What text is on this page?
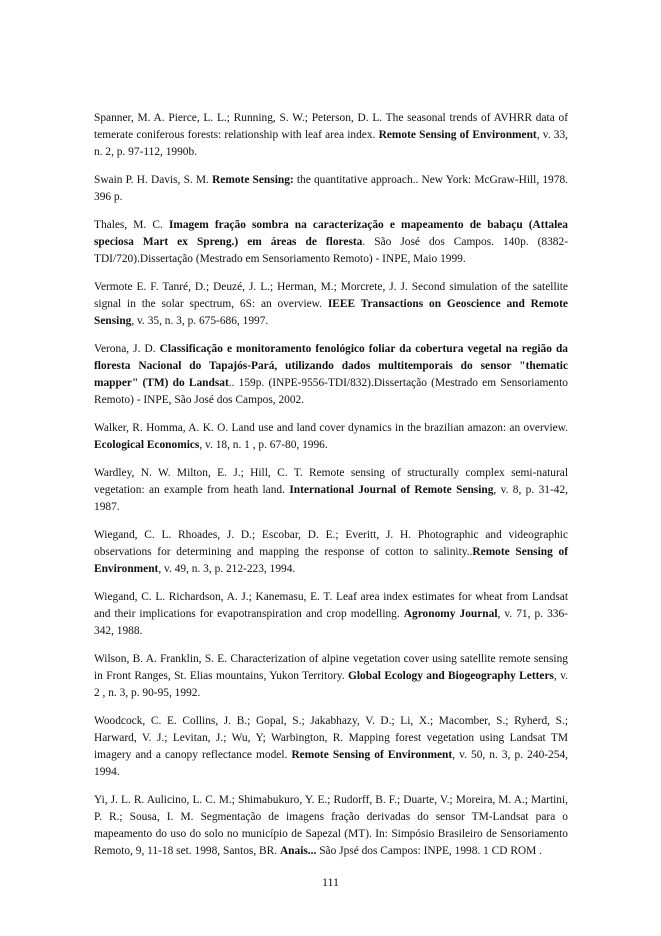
Spanner, M. A. Pierce, L. L.; Running, S. W.; Peterson, D. L. The seasonal trends of AVHRR data of temerate coniferous forests: relationship with leaf area index. Remote Sensing of Environment, v. 33, n. 2, p. 97-112, 1990b.

Swain P. H. Davis, S. M. Remote Sensing: the quantitative approach.. New York: McGraw-Hill, 1978. 396 p.

Thales, M. C. Imagem fração sombra na caracterização e mapeamento de babaçu (Attalea speciosa Mart ex Spreng.) em áreas de floresta. São José dos Campos. 140p. (8382-TDI/720).Dissertação (Mestrado em Sensoriamento Remoto) - INPE, Maio 1999.

Vermote E. F. Tanré, D.; Deuzé, J. L.; Herman, M.; Morcrete, J. J. Second simulation of the satellite signal in the solar spectrum, 6S: an overview. IEEE Transactions on Geoscience and Remote Sensing, v. 35, n. 3, p. 675-686, 1997.

Verona, J. D. Classificação e monitoramento fenológico foliar da cobertura vegetal na região da floresta Nacional do Tapajós-Pará, utilizando dados multitemporais do sensor "thematic mapper" (TM) do Landsat.. 159p. (INPE-9556-TDI/832).Dissertação (Mestrado em Sensoriamento Remoto) - INPE, São José dos Campos, 2002.

Walker, R. Homma, A. K. O. Land use and land cover dynamics in the brazilian amazon: an overview. Ecological Economics, v. 18, n. 1 , p. 67-80, 1996.

Wardley, N. W. Milton, E. J.; Hill, C. T. Remote sensing of structurally complex semi-natural vegetation: an example from heath land. International Journal of Remote Sensing, v. 8, p. 31-42, 1987.

Wiegand, C. L. Rhoades, J. D.; Escobar, D. E.; Everitt, J. H. Photographic and videographic observations for determining and mapping the response of cotton to salinity..Remote Sensing of Environment, v. 49, n. 3, p. 212-223, 1994.

Wiegand, C. L. Richardson, A. J.; Kanemasu, E. T. Leaf area index estimates for wheat from Landsat and their implications for evapotranspiration and crop modelling. Agronomy Journal, v. 71, p. 336-342, 1988.

Wilson, B. A. Franklin, S. E. Characterization of alpine vegetation cover using satellite remote sensing in Front Ranges, St. Elias mountains, Yukon Territory. Global Ecology and Biogeography Letters, v. 2 , n. 3, p. 90-95, 1992.

Woodcock, C. E. Collins, J. B.; Gopal, S.; Jakabhazy, V. D.; Li, X.; Macomber, S.; Ryherd, S.; Harward, V. J.; Levitan, J.; Wu, Y; Warbington, R. Mapping forest vegetation using Landsat TM imagery and a canopy reflectance model. Remote Sensing of Environment, v. 50, n. 3, p. 240-254, 1994.

Yi, J. L. R. Aulicino, L. C. M.; Shimabukuro, Y. E.; Rudorff, B. F.; Duarte, V.; Moreira, M. A.; Martini, P. R.; Sousa, I. M. Segmentação de imagens fração derivadas do sensor TM-Landsat para o mapeamento do uso do solo no município de Sapezal (MT). In: Simpósio Brasileiro de Sensoriamento Remoto, 9, 11-18 set. 1998, Santos, BR. Anais... São Jpsé dos Campos: INPE, 1998. 1 CD ROM .

111
